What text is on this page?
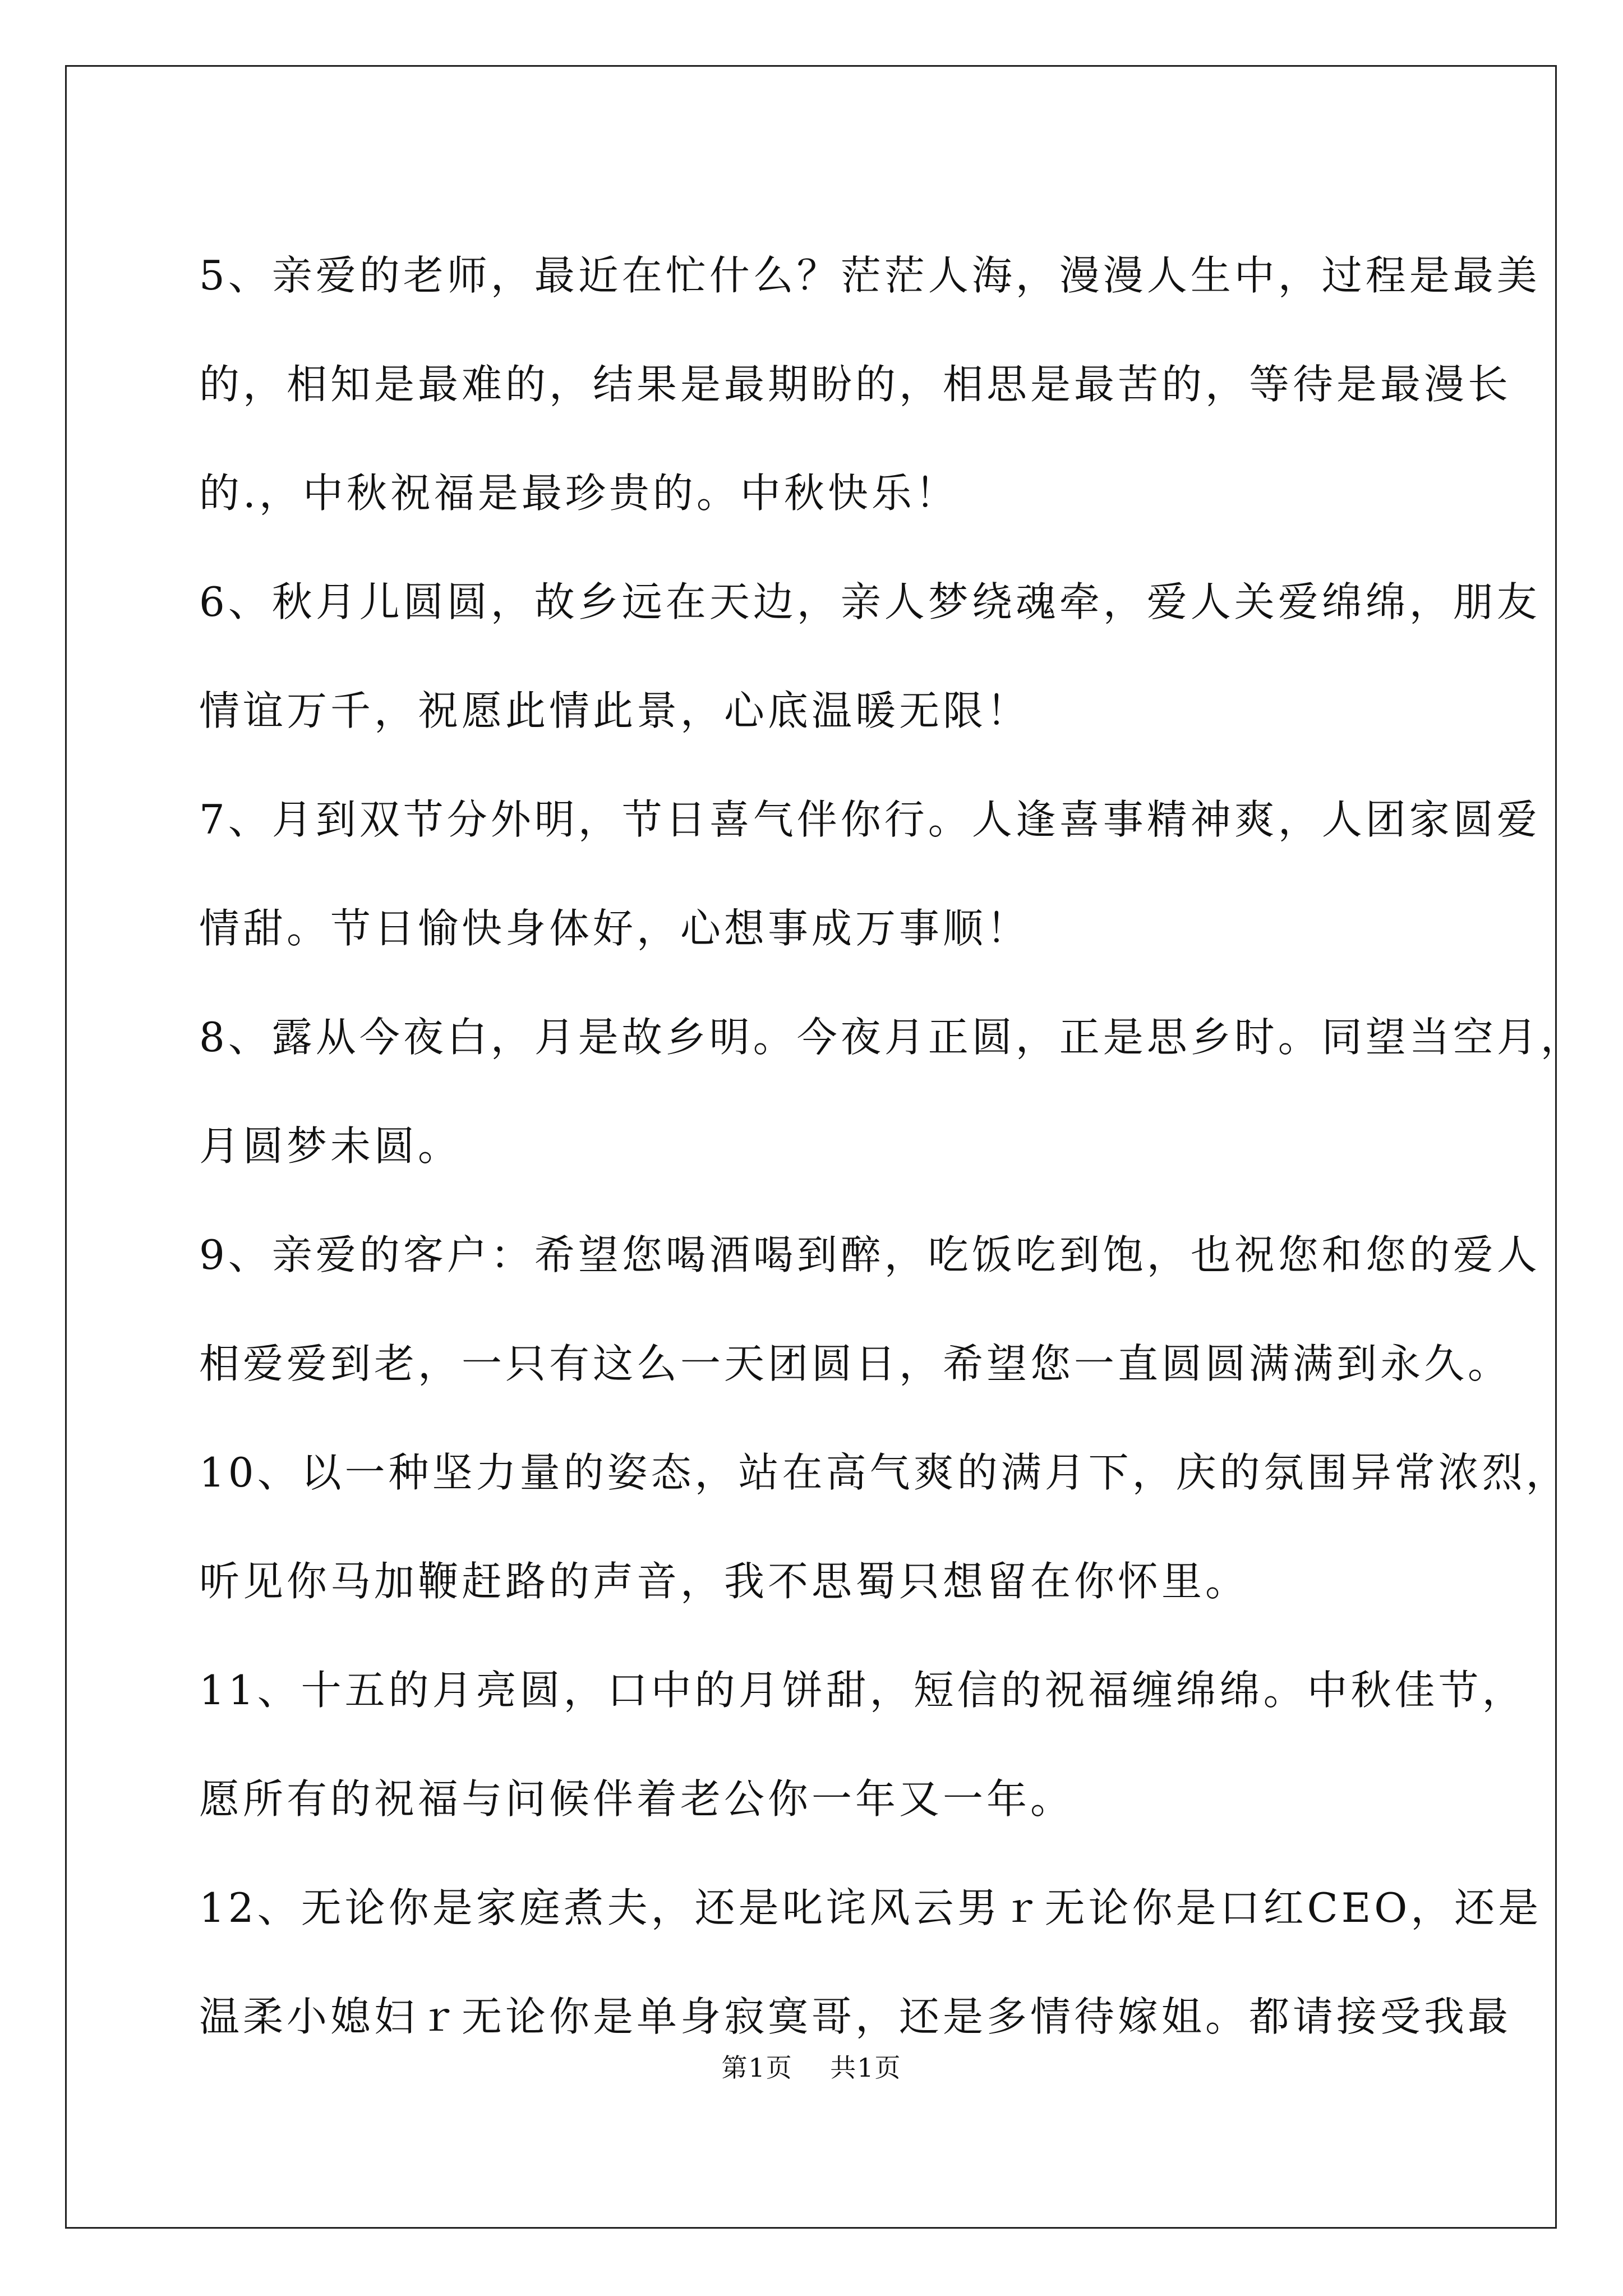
5、亲爱的老师，最近在忙什么？茫茫人海，漫漫人生中，过程是最美
的，相知是最难的，结果是最期盼的，相思是最苦的，等待是最漫长
的.，中秋祝福是最珍贵的。中秋快乐！
6、秋月儿圆圆，故乡远在天边，亲人梦绕魂牵，爱人关爱绵绵，朋友
情谊万千，祝愿此情此景，心底温暖无限！
7、月到双节分外明，节日喜气伴你行。人逢喜事精神爽，人团家圆爱
情甜。节日愉快身体好，心想事成万事顺！
8、露从今夜白，月是故乡明。今夜月正圆，正是思乡时。同望当空月，
月圆梦未圆。
9、亲爱的客户：希望您喝酒喝到醉，吃饭吃到饱，也祝您和您的爱人
相爱爱到老，一只有这么一天团圆日，希望您一直圆圆满满到永久。
10、以一种坚力量的姿态，站在高气爽的满月下，庆的氛围异常浓烈，
听见你马加鞭赶路的声音，我不思蜀只想留在你怀里。
11、十五的月亮圆，口中的月饼甜，短信的祝福缠绵绵。中秋佳节，
愿所有的祝福与问候伴着老公你一年又一年。
12、无论你是家庭煮夫，还是叱诧风云男ｒ无论你是口红CEO，还是
温柔小媳妇ｒ无论你是单身寂寞哥，还是多情待嫁姐。都请接受我最
第1页    共1页
